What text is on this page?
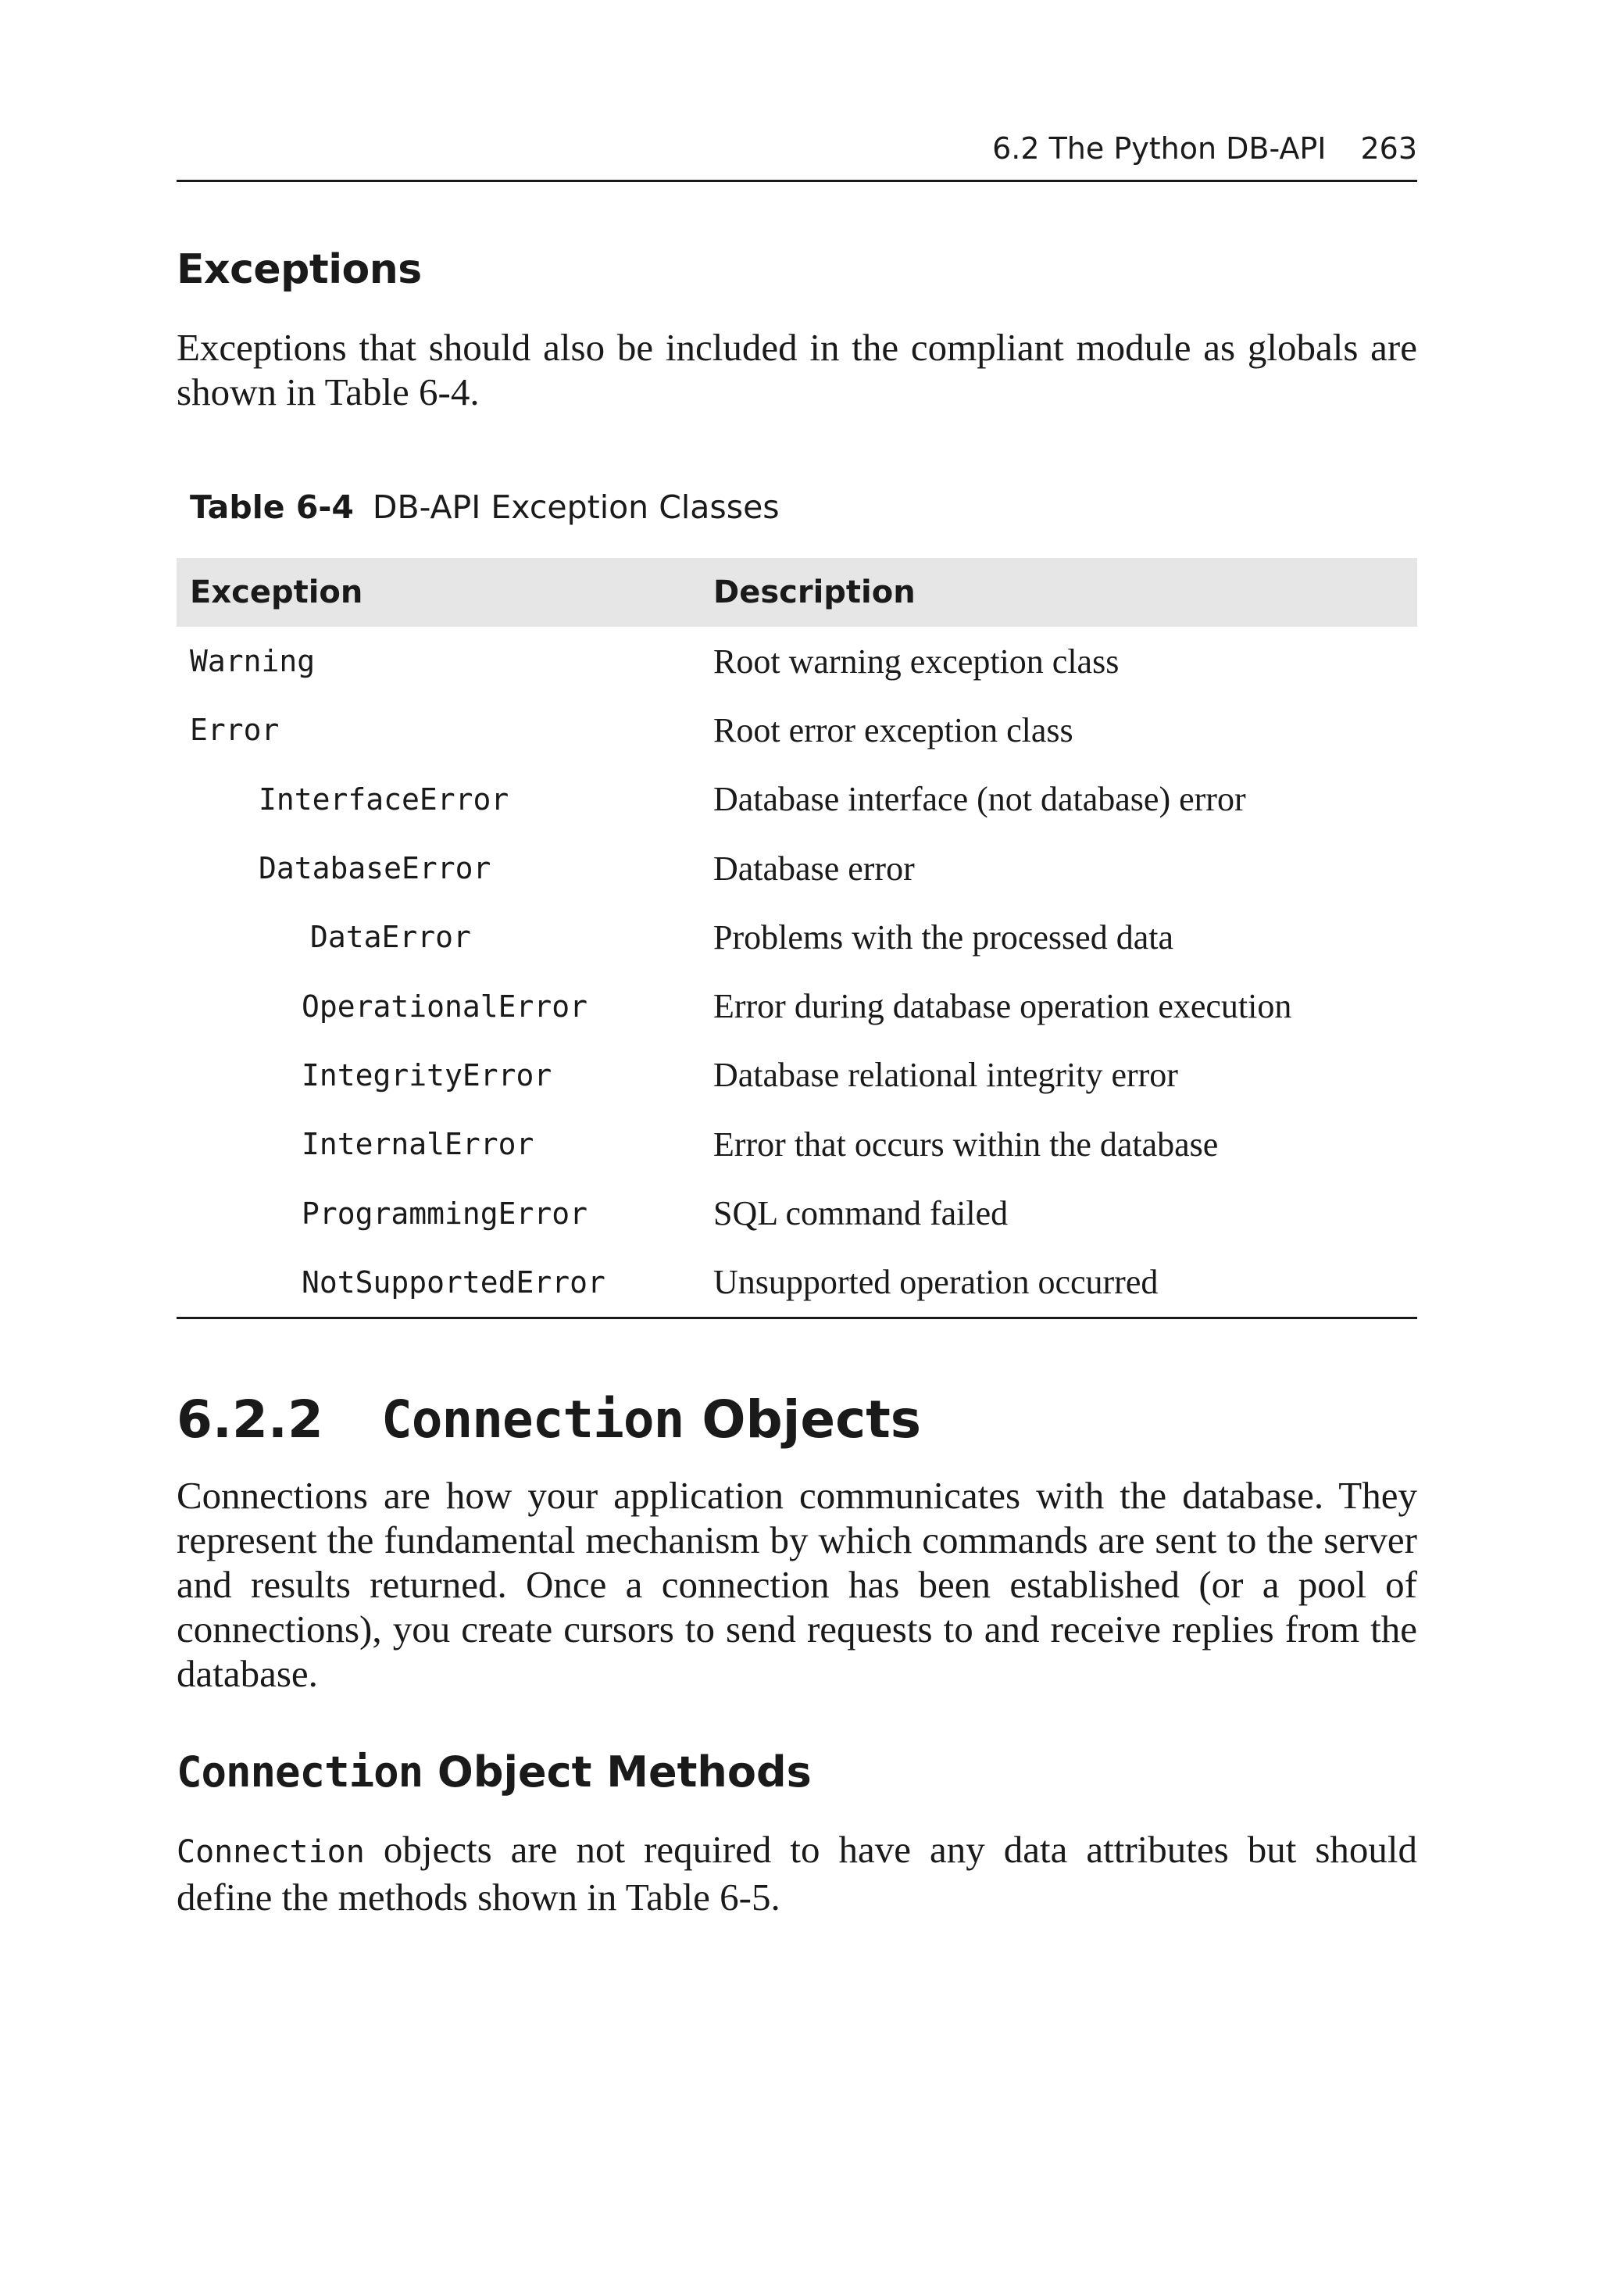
6.2 The Python DB-API 263
Exceptions
Exceptions that should also be included in the compliant module as globals are shown in Table 6-4.
Table 6-4 DB-API Exception Classes
Exception	Description
Warning	Root warning exception class
Error	Root error exception class
InterfaceError	Database interface (not database) error
DatabaseError	Database error
DataError	Problems with the processed data
OperationalError	Error during database operation execution
IntegrityError	Database relational integrity error
InternalError	Error that occurs within the database
ProgrammingError	SQL command failed
NotSupportedError	Unsupported operation occurred
6.2.2	Connection Objects
Connections are how your application communicates with the database. They represent the fundamental mechanism by which commands are sent to the server and results returned. Once a connection has been established (or a pool of connections), you create cursors to send requests to and receive replies from the database.
Connection Object Methods
Connection objects are not required to have any data attributes but should define the methods shown in Table 6-5.
